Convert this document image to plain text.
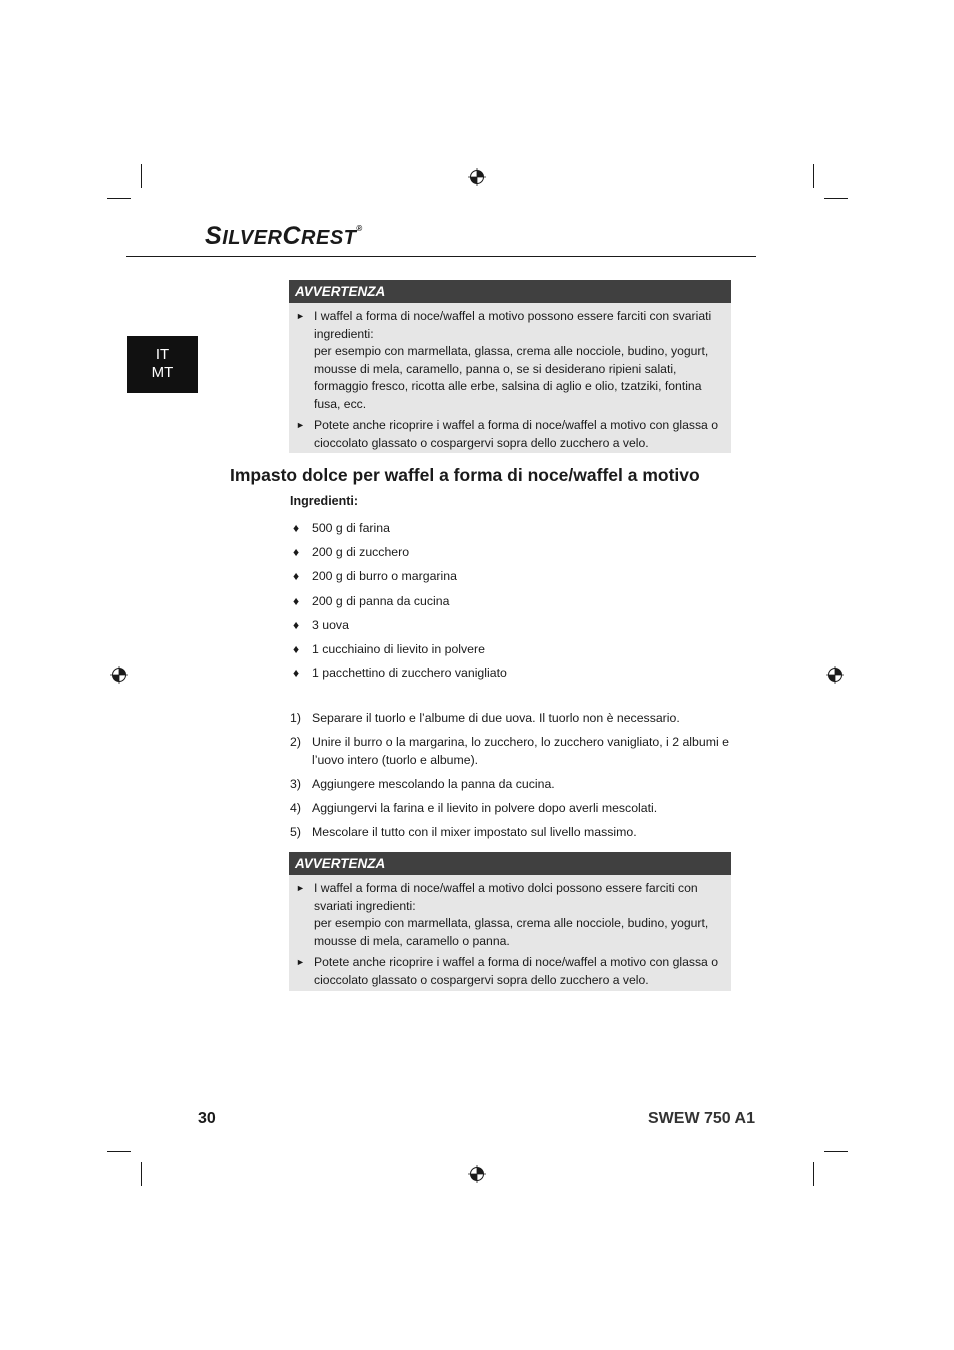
SILVERCREST®
IT
MT
AVVERTENZA
► I waffel a forma di noce/waffel a motivo possono essere farciti con svariati ingredienti:

per esempio con marmellata, glassa, crema alle nocciole, budino, yogurt, mousse di mela, caramello, panna o, se si desiderano ripieni salati, formaggio fresco, ricotta alle erbe, salsina di aglio e olio, tzatziki, fontina fusa, ecc.

► Potete anche ricoprire i waffel a forma di noce/waffel a motivo con glassa o cioccolato glassato o cospargervi sopra dello zucchero a velo.

Impasto dolce per waffel a forma di noce/waffel a motivo
Ingredienti:
♦ 500 g di farina
♦ 200 g di zucchero
♦ 200 g di burro o margarina
♦ 200 g di panna da cucina
♦ 3 uova
♦ 1 cucchiaino di lievito in polvere
♦ 1 pacchettino di zucchero vanigliato
1) Separare il tuorlo e l’albume di due uova. Il tuorlo non è necessario.
2) Unire il burro o la margarina, lo zucchero, lo zucchero vanigliato, i 2 albumi e l’uovo intero (tuorlo e albume).
3) Aggiungere mescolando la panna da cucina.
4) Aggiungervi la farina e il lievito in polvere dopo averli mescolati.
5) Mescolare il tutto con il mixer impostato sul livello massimo.
AVVERTENZA
► I waffel a forma di noce/waffel a motivo dolci possono essere farciti con svariati ingredienti:

per esempio con marmellata, glassa, crema alle nocciole, budino, yogurt, mousse di mela, caramello o panna.

► Potete anche ricoprire i waffel a forma di noce/waffel a motivo con glassa o cioccolato glassato o cospargervi sopra dello zucchero a velo.

30	SWEW 750 A1
